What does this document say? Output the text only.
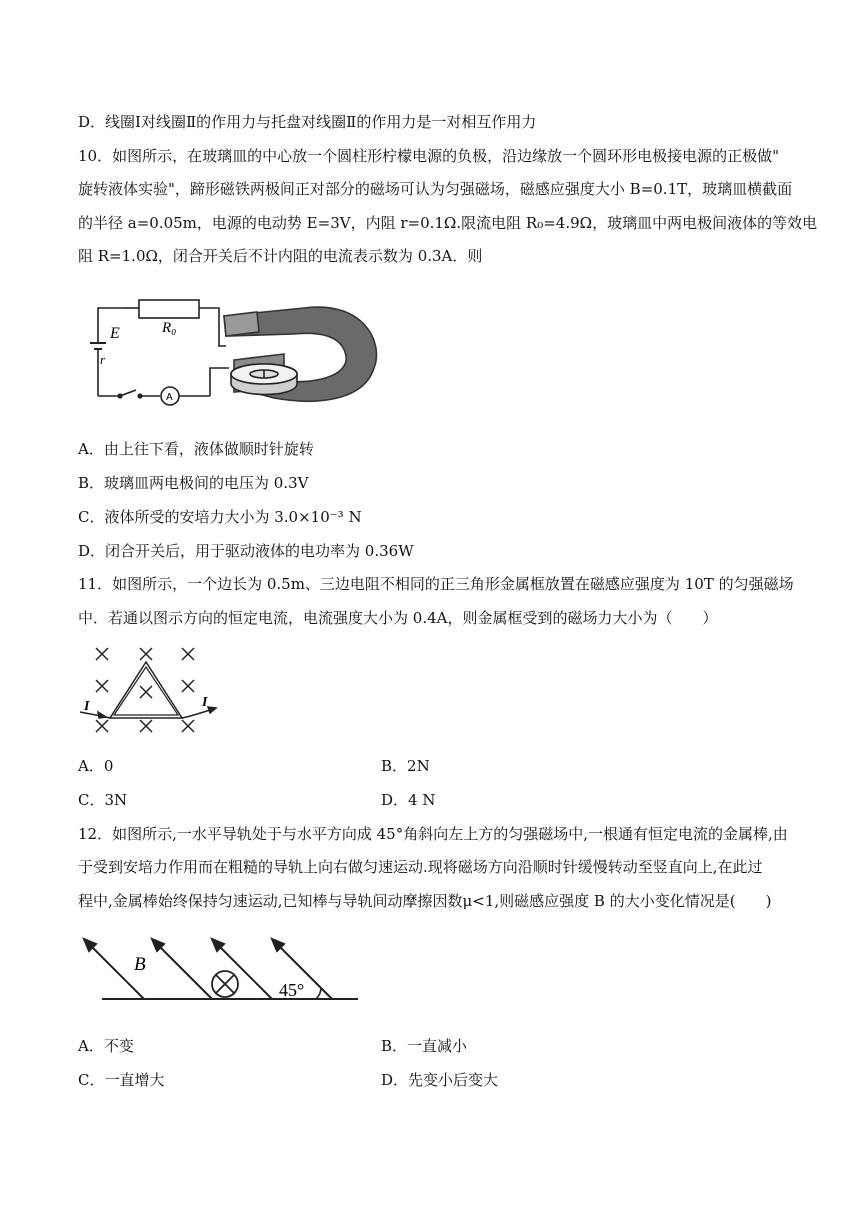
D．线圈Ⅰ对线圈Ⅱ的作用力与托盘对线圈Ⅱ的作用力是一对相互作用力
10．如图所示，在玻璃皿的中心放一个圆柱形柠檬电源的负极，沿边缘放一个圆环形电极接电源的正极做"
旋转液体实验"，蹄形磁铁两极间正对部分的磁场可认为匀强磁场，磁感应强度大小 B=0.1T，玻璃皿横截面
的半径 a=0.05m，电源的电动势 E=3V，内阻 r=0.1Ω.限流电阻 R₀=4.9Ω，玻璃皿中两电极间液体的等效电
阻 R=1.0Ω，闭合开关后不计内阻的电流表示数为 0.3A．则
R₀
E
r
A
A．由上往下看，液体做顺时针旋转
B．玻璃皿两电极间的电压为 0.3V
C．液体所受的安培力大小为 3.0×10⁻³ N
D．闭合开关后，用于驱动液体的电功率为 0.36W
11．如图所示，一个边长为 0.5m、三边电阻不相同的正三角形金属框放置在磁感应强度为 10T 的匀强磁场
中．若通以图示方向的恒定电流，电流强度大小为 0.4A，则金属框受到的磁场力大小为（　　）
I	I
A．0	B．2N
C．3N	D．4 N
12．如图所示,一水平导轨处于与水平方向成 45°角斜向左上方的匀强磁场中,一根通有恒定电流的金属棒,由
于受到安培力作用而在粗糙的导轨上向右做匀速运动.现将磁场方向沿顺时针缓慢转动至竖直向上,在此过
程中,金属棒始终保持匀速运动,已知棒与导轨间动摩擦因数μ<1,则磁感应强度 B 的大小变化情况是(　　)
B
45°
A．不变	B．一直减小
C．一直增大	D．先变小后变大
